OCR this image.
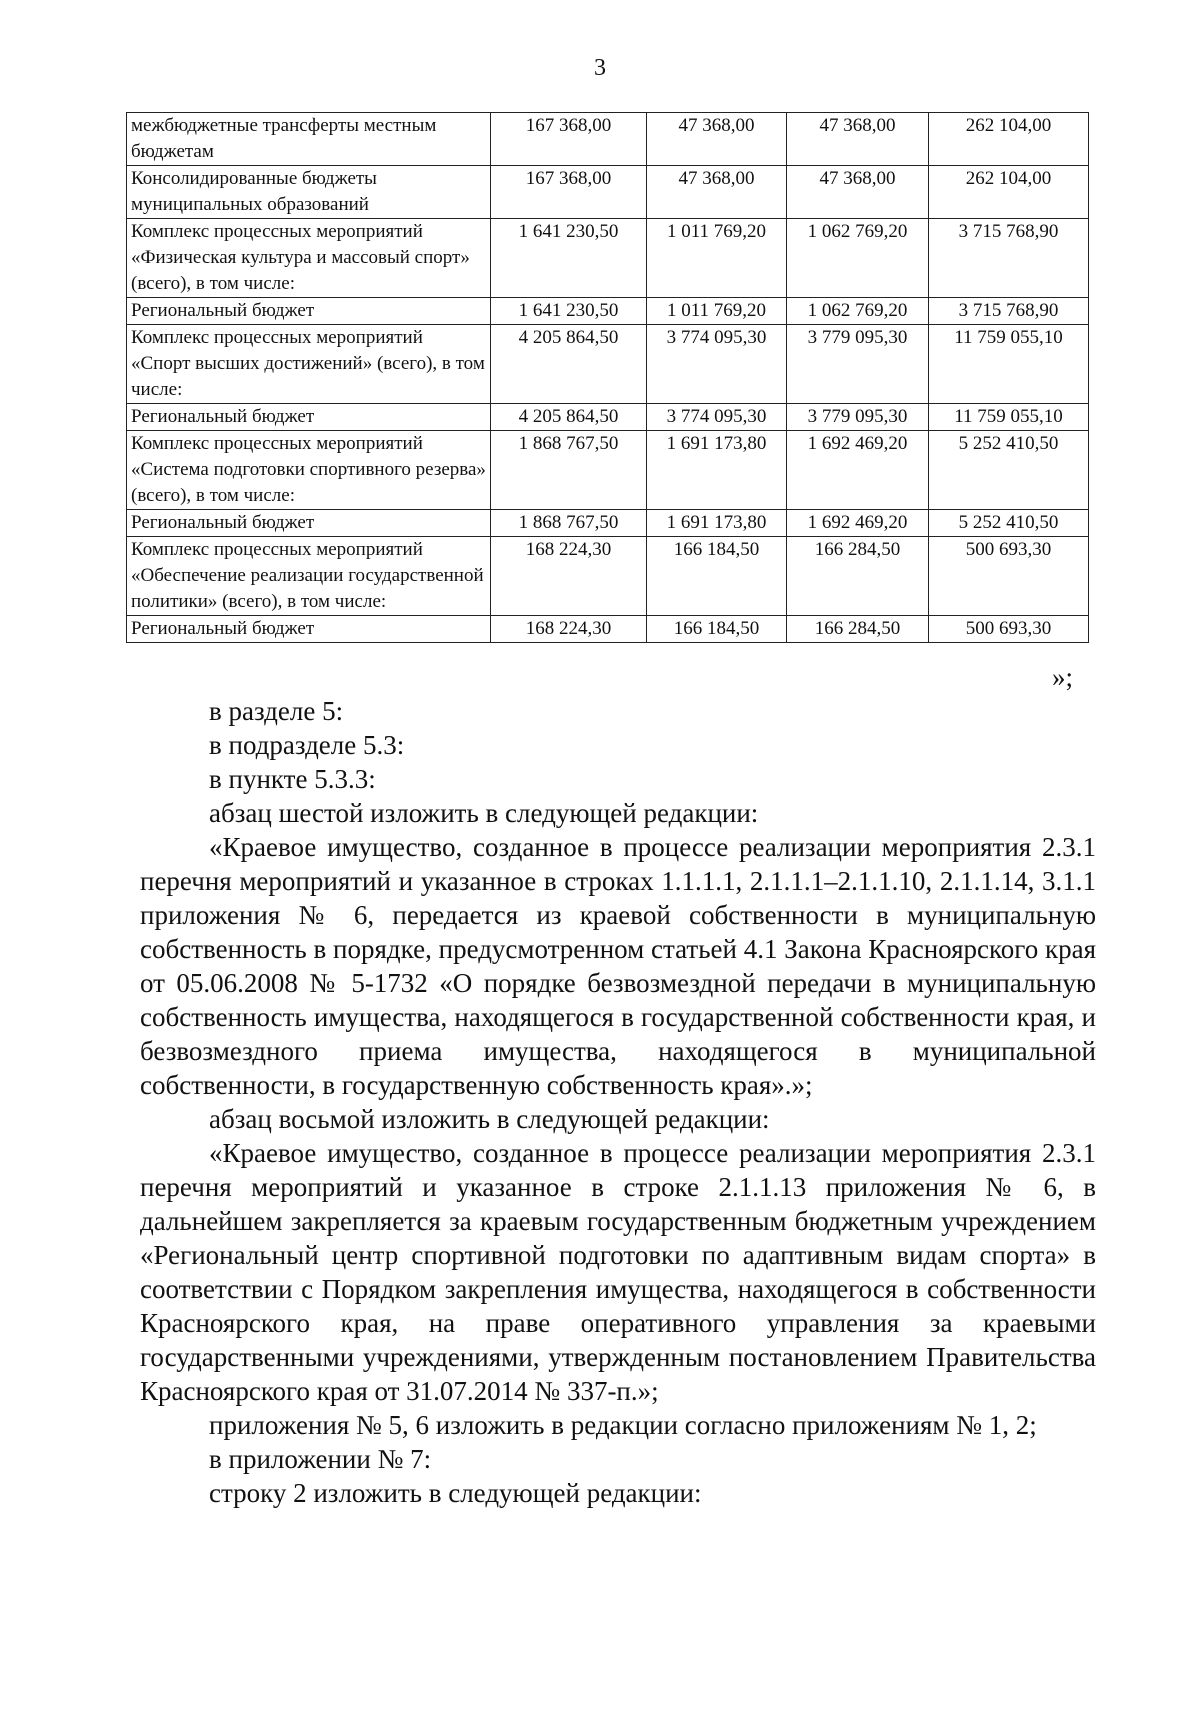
3
межбюджетные трансферты местным бюджетам	167 368,00	47 368,00	47 368,00	262 104,00
Консолидированные бюджеты муниципальных образований	167 368,00	47 368,00	47 368,00	262 104,00
Комплекс процессных мероприятий «Физическая культура и массовый спорт» (всего), в том числе:	1 641 230,50	1 011 769,20	1 062 769,20	3 715 768,90
Региональный бюджет	1 641 230,50	1 011 769,20	1 062 769,20	3 715 768,90
Комплекс процессных мероприятий «Спорт высших достижений» (всего), в том числе:	4 205 864,50	3 774 095,30	3 779 095,30	11 759 055,10
Региональный бюджет	4 205 864,50	3 774 095,30	3 779 095,30	11 759 055,10
Комплекс процессных мероприятий «Система подготовки спортивного резерва» (всего), в том числе:	1 868 767,50	1 691 173,80	1 692 469,20	5 252 410,50
Региональный бюджет	1 868 767,50	1 691 173,80	1 692 469,20	5 252 410,50
Комплекс процессных мероприятий «Обеспечение реализации государственной политики» (всего), в том числе:	168 224,30	166 184,50	166 284,50	500 693,30
Региональный бюджет	168 224,30	166 184,50	166 284,50	500 693,30
»;

в разделе 5:

в подразделе 5.3:

в пункте 5.3.3:

абзац шестой изложить в следующей редакции:

«Краевое имущество, созданное в процессе реализации мероприятия 2.3.1 перечня мероприятий и указанное в строках 1.1.1.1, 2.1.1.1–2.1.1.10, 2.1.1.14, 3.1.1 приложения № 6, передается из краевой собственности в муниципальную собственность в порядке, предусмотренном статьей 4.1 Закона Красноярского края от 05.06.2008 № 5-1732 «О порядке безвозмездной передачи в муниципальную собственность имущества, находящегося в государственной собственности края, и безвозмездного приема имущества, находящегося в муниципальной собственности, в государственную собственность края».»;

абзац восьмой изложить в следующей редакции:

«Краевое имущество, созданное в процессе реализации мероприятия 2.3.1 перечня мероприятий и указанное в строке 2.1.1.13 приложения № 6, в дальнейшем закрепляется за краевым государственным бюджетным учреждением «Региональный центр спортивной подготовки по адаптивным видам спорта» в соответствии с Порядком закрепления имущества, находящегося в собственности Красноярского края, на праве оперативного управления за краевыми государственными учреждениями, утвержденным постановлением Правительства Красноярского края от 31.07.2014 № 337-п.»;

приложения № 5, 6 изложить в редакции согласно приложениям № 1, 2;

в приложении № 7:

строку 2 изложить в следующей редакции:
